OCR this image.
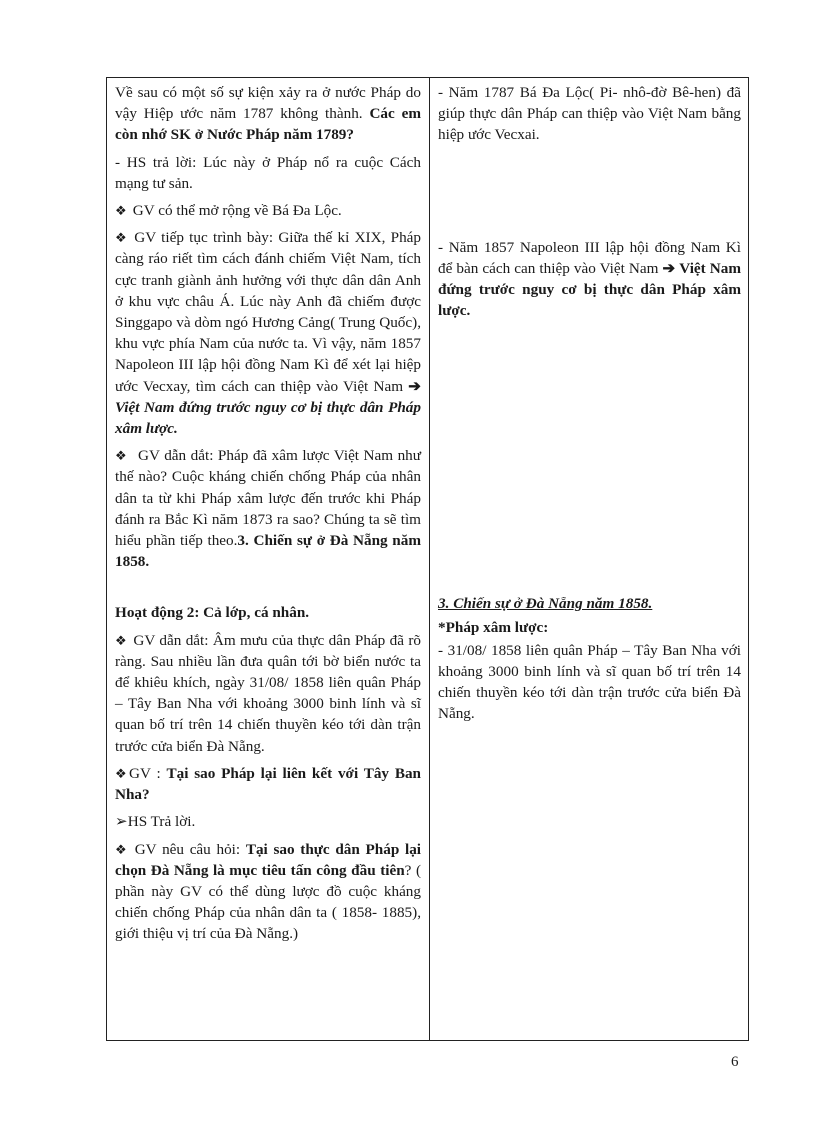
Về sau có một số sự kiện xảy ra ở nước Pháp do vậy Hiệp ước năm 1787 không thành. Các em còn nhớ SK ở Nước Pháp năm 1789?

- HS trả lời: Lúc này ở Pháp nổ ra cuộc Cách mạng tư sản.

❖ GV có thể mở rộng về Bá Đa Lộc.

❖ GV tiếp tục trình bày: Giữa thế kỉ XIX, Pháp càng ráo riết tìm cách đánh chiếm Việt Nam, tích cực tranh giành ảnh hưởng với thực dân dân Anh ở khu vực châu Á. Lúc này Anh đã chiếm được Singgapo và dòm ngó Hương Cảng( Trung Quốc), khu vực phía Nam của nước ta. Vì vậy, năm 1857 Napoleon III lập hội đồng Nam Kì để xét lại hiệp ước Vecxay, tìm cách can thiệp vào Việt Nam ➔ Việt Nam đứng trước nguy cơ bị thực dân Pháp xâm lược.

❖ GV dẫn dắt: Pháp đã xâm lược Việt Nam như thế nào? Cuộc kháng chiến chống Pháp của nhân dân ta từ khi Pháp xâm lược đến trước khi Pháp đánh ra Bắc Kì năm 1873 ra sao? Chúng ta sẽ tìm hiểu phần tiếp theo.3. Chiến sự ở Đà Nẵng năm 1858.

Hoạt động 2: Cả lớp, cá nhân.

❖ GV dẫn dắt: Âm mưu của thực dân Pháp đã rõ ràng. Sau nhiều lần đưa quân tới bờ biển nước ta để khiêu khích, ngày 31/08/ 1858 liên quân Pháp – Tây Ban Nha với khoảng 3000 binh lính và sĩ quan bố trí trên 14 chiến thuyền kéo tới dàn trận trước cửa biển Đà Nẵng.

❖ GV : Tại sao Pháp lại liên kết với Tây Ban Nha?

➢HS Trả lời.

❖ GV nêu câu hỏi: Tại sao thực dân Pháp lại chọn Đà Nẵng là mục tiêu tấn công đầu tiên? ( phần này GV có thể dùng lược đồ cuộc kháng chiến chống Pháp của nhân dân ta ( 1858- 1885), giới thiệu vị trí của Đà Nẵng.)

- Năm 1787 Bá Đa Lộc( Pi- nhô-đờ Bê-hen) đã giúp thực dân Pháp can thiệp vào Việt Nam bằng hiệp ước Vecxai.

- Năm 1857 Napoleon III lập hội đồng Nam Kì để bàn cách can thiệp vào Việt Nam ➔ Việt Nam đứng trước nguy cơ bị thực dân Pháp xâm lược.

3. Chiến sự ở Đà Nẵng năm 1858.

*Pháp xâm lược:

- 31/08/ 1858 liên quân Pháp – Tây Ban Nha với khoảng 3000 binh lính và sĩ quan bố trí trên 14 chiến thuyền kéo tới dàn trận trước cửa biển Đà Nẵng.

6
